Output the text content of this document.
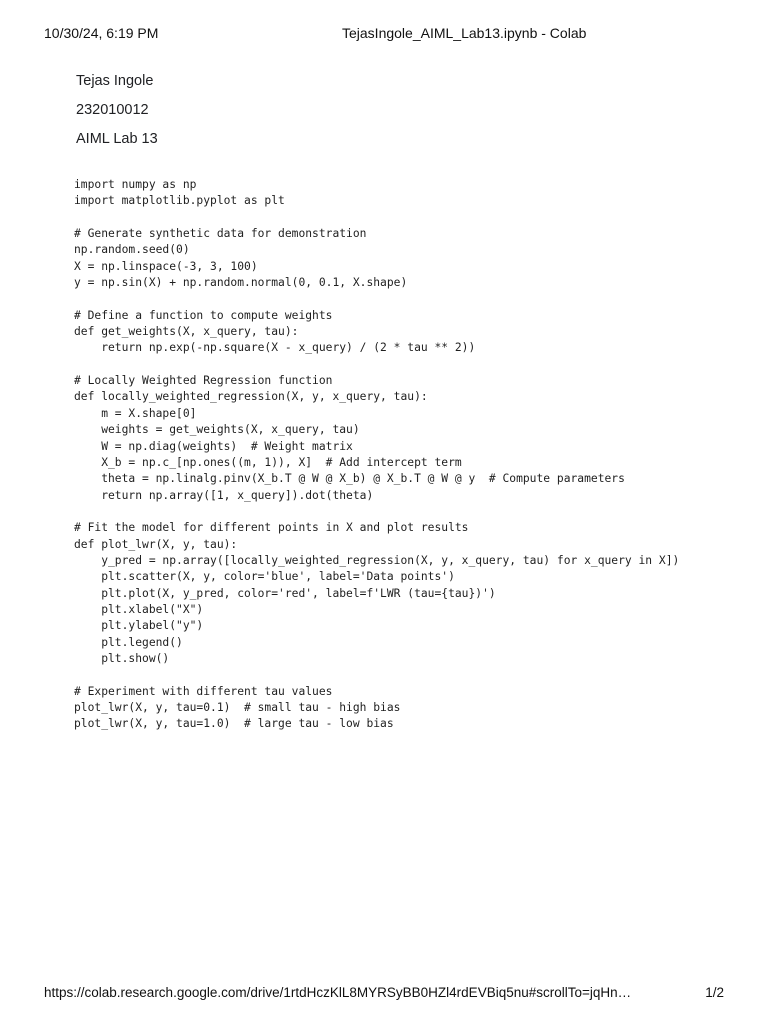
10/30/24, 6:19 PM	TejasIngole_AIML_Lab13.ipynb - Colab

Tejas Ingole

232010012

AIML Lab 13

import numpy as np
import matplotlib.pyplot as plt

# Generate synthetic data for demonstration
np.random.seed(0)
X = np.linspace(-3, 3, 100)
y = np.sin(X) + np.random.normal(0, 0.1, X.shape)

# Define a function to compute weights
def get_weights(X, x_query, tau):
return np.exp(-np.square(X - x_query) / (2 * tau ** 2))

# Locally Weighted Regression function
def locally_weighted_regression(X, y, x_query, tau):
m = X.shape[0]
weights = get_weights(X, x_query, tau)
W = np.diag(weights)  # Weight matrix
X_b = np.c_[np.ones((m, 1)), X]  # Add intercept term
theta = np.linalg.pinv(X_b.T @ W @ X_b) @ X_b.T @ W @ y  # Compute parameters
return np.array([1, x_query]).dot(theta)

# Fit the model for different points in X and plot results
def plot_lwr(X, y, tau):
y_pred = np.array([locally_weighted_regression(X, y, x_query, tau) for x_query in X])
plt.scatter(X, y, color='blue', label='Data points')
plt.plot(X, y_pred, color='red', label=f'LWR (tau={tau})')
plt.xlabel("X")
plt.ylabel("y")
plt.legend()
plt.show()

# Experiment with different tau values
plot_lwr(X, y, tau=0.1)  # small tau - high bias
plot_lwr(X, y, tau=1.0)  # large tau - low bias
https://colab.research.google.com/drive/1rtdHczKlL8MYRSyBB0HZl4rdEVBiq5nu#scrollTo=jqHn…	1/2
